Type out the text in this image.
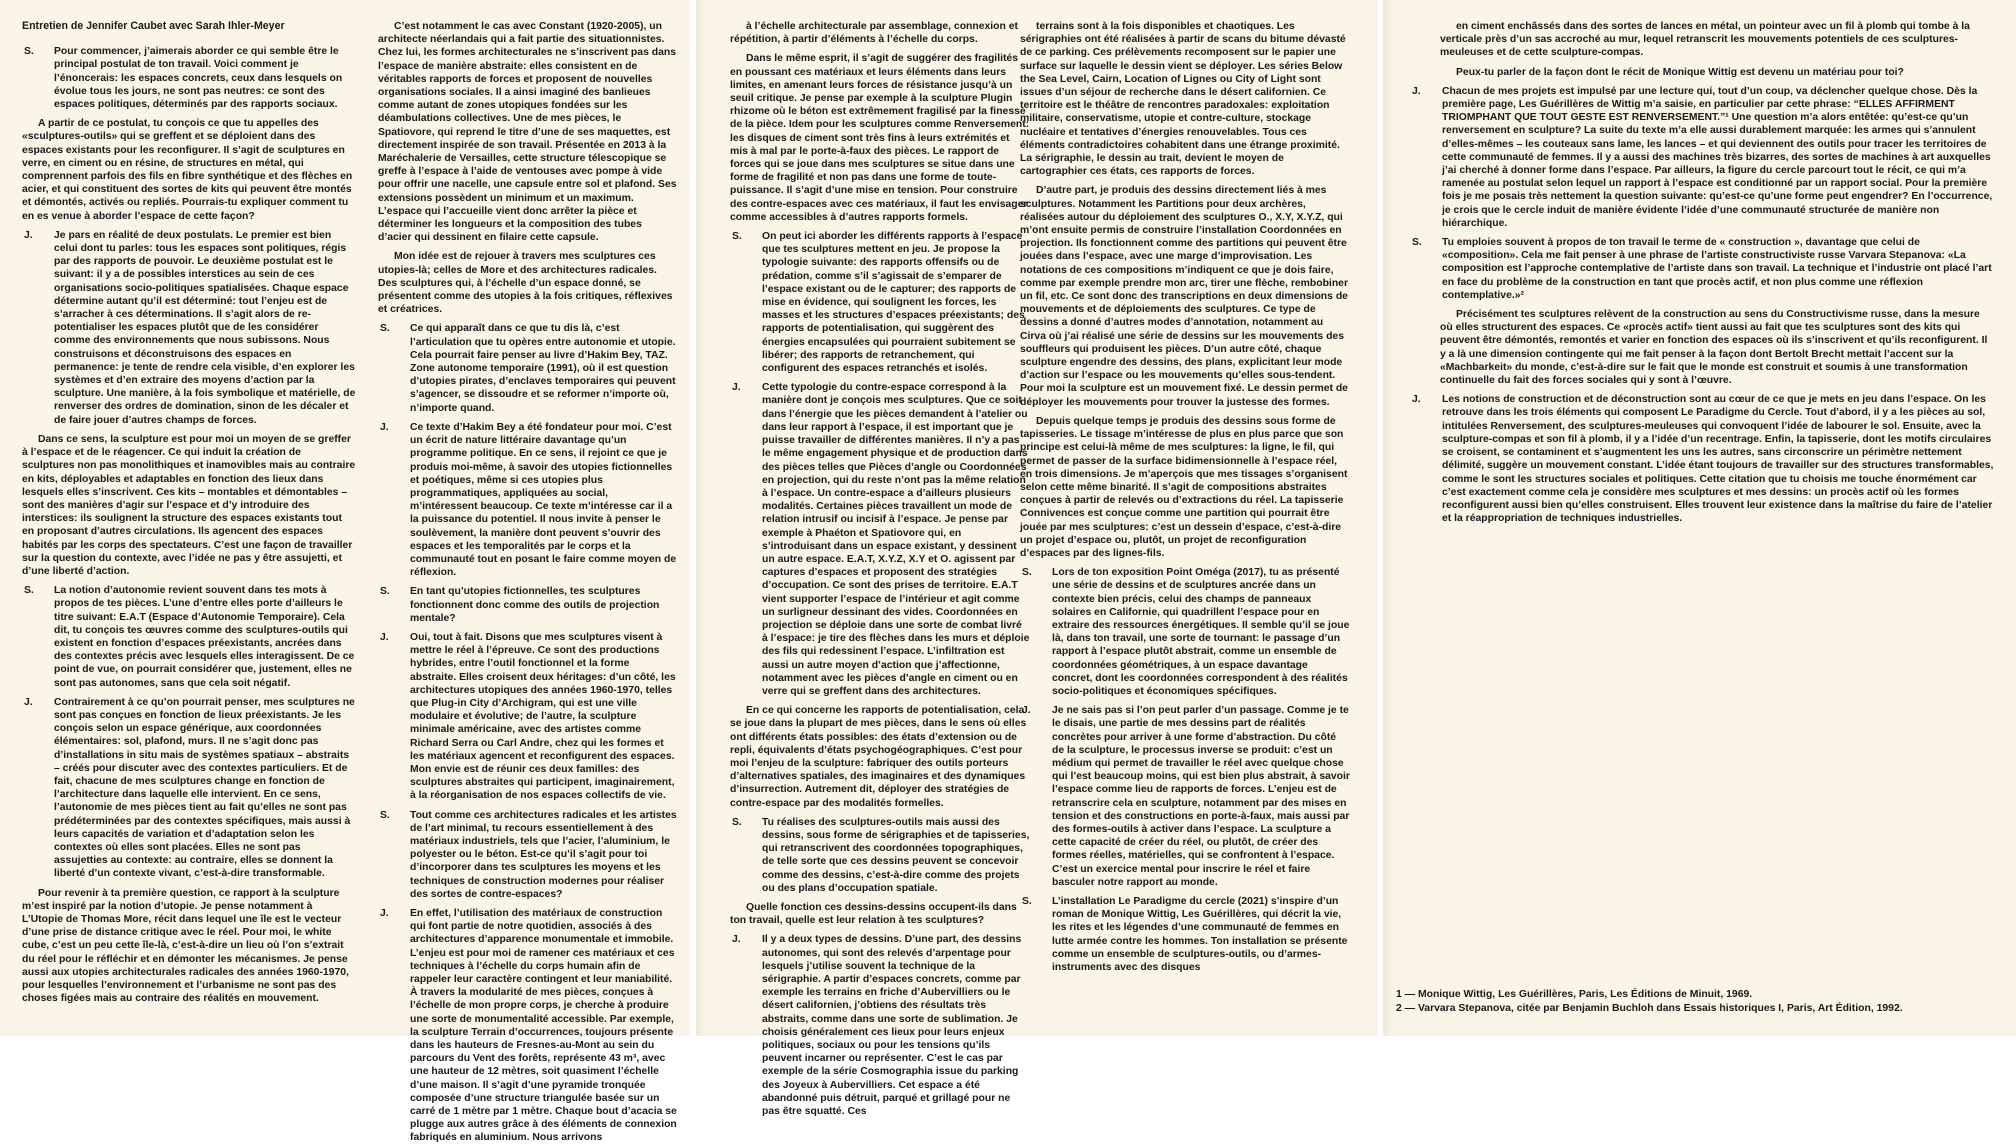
Entretien de Jennifer Caubet avec Sarah Ihler-Meyer
S.	Pour commencer, j’aimerais aborder ce qui semble être le principal postulat de ton travail. Voici comment je l’énoncerais: les espaces concrets, ceux dans lesquels on évolue tous les jours, ne sont pas neutres: ce sont des espaces politiques, déterminés par des rapports sociaux.

A partir de ce postulat, tu conçois ce que tu appelles des «sculptures-outils» qui se greffent et se déploient dans des espaces existants pour les reconfigurer. Il s’agit de sculptures en verre, en ciment ou en résine, de structures en métal, qui comprennent parfois des fils en fibre synthétique et des flèches en acier, et qui constituent des sortes de kits qui peuvent être montés et démontés, activés ou repliés. Pourrais-tu expliquer comment tu en es venue à aborder l’espace de cette façon?

J.	Je pars en réalité de deux postulats. Le premier est bien celui dont tu parles: tous les espaces sont politiques, régis par des rapports de pouvoir. Le deuxième postulat est le suivant: il y a de possibles interstices au sein de ces organisations socio-politiques spatialisées. Chaque espace détermine autant qu’il est déterminé: tout l’enjeu est de s’arracher à ces déterminations. Il s’agit alors de re-potentialiser les espaces plutôt que de les considérer comme des environnements que nous subissons. Nous construisons et déconstruisons des espaces en permanence: je tente de rendre cela visible, d’en explorer les systèmes et d’en extraire des moyens d’action par la sculpture. Une manière, à la fois symbolique et matérielle, de renverser des ordres de domination, sinon de les décaler et de faire jouer d’autres champs de forces.

Dans ce sens, la sculpture est pour moi un moyen de se greffer à l’espace et de le réagencer. Ce qui induit la création de sculptures non pas monolithiques et inamovibles mais au contraire en kits, déployables et adaptables en fonction des lieux dans lesquels elles s’inscrivent. Ces kits – montables et démontables – sont des manières d’agir sur l’espace et d’y introduire des interstices: ils soulignent la structure des espaces existants tout en proposant d’autres circulations. Ils agencent des espaces habités par les corps des spectateurs. C’est une façon de travailler sur la question du contexte, avec l’idée ne pas y être assujetti, et d’une liberté d’action.

S.	La notion d’autonomie revient souvent dans tes mots à propos de tes pièces. L’une d’entre elles porte d’ailleurs le titre suivant: E.A.T (Espace d’Autonomie Temporaire). Cela dit, tu conçois tes œuvres comme des sculptures-outils qui existent en fonction d’espaces préexistants, ancrées dans des contextes précis avec lesquels elles interagissent. De ce point de vue, on pourrait considérer que, justement, elles ne sont pas autonomes, sans que cela soit négatif.
J.	Contrairement à ce qu’on pourrait penser, mes sculptures ne sont pas conçues en fonction de lieux préexistants. Je les conçois selon un espace générique, aux coordonnées élémentaires: sol, plafond, murs. Il ne s’agit donc pas d’installations in situ mais de systèmes spatiaux – abstraits – créés pour discuter avec des contextes particuliers. Et de fait, chacune de mes sculptures change en fonction de l’architecture dans laquelle elle intervient. En ce sens, l’autonomie de mes pièces tient au fait qu’elles ne sont pas prédéterminées par des contextes spécifiques, mais aussi à leurs capacités de variation et d’adaptation selon les contextes où elles sont placées. Elles ne sont pas assujetties au contexte: au contraire, elles se donnent la liberté d’un contexte vivant, c’est-à-dire transformable.

Pour revenir à ta première question, ce rapport à la sculpture m’est inspiré par la notion d’utopie. Je pense notamment à L’Utopie de Thomas More, récit dans lequel une île est le vecteur d’une prise de distance critique avec le réel. Pour moi, le white cube, c’est un peu cette île-là, c’est-à-dire un lieu où l’on s’extrait du réel pour le réfléchir et en démonter les mécanismes. Je pense aussi aux utopies architecturales radicales des années 1960-1970, pour lesquelles l’environnement et l’urbanisme ne sont pas des choses figées mais au contraire des réalités en mouvement.

C’est notamment le cas avec Constant (1920-2005), un architecte néerlandais qui a fait partie des situationnistes. Chez lui, les formes architecturales ne s’inscrivent pas dans l’espace de manière abstraite: elles consistent en de véritables rapports de forces et proposent de nouvelles organisations sociales. Il a ainsi imaginé des banlieues comme autant de zones utopiques fondées sur les déambulations collectives. Une de mes pièces, le Spatiovore, qui reprend le titre d’une de ses maquettes, est directement inspirée de son travail. Présentée en 2013 à la Maréchalerie de Versailles, cette structure télescopique se greffe à l’espace à l’aide de ventouses avec pompe à vide pour offrir une nacelle, une capsule entre sol et plafond. Ses extensions possèdent un minimum et un maximum. L’espace qui l’accueille vient donc arrêter la pièce et déterminer les longueurs et la composition des tubes d’acier qui dessinent en filaire cette capsule.

Mon idée est de rejouer à travers mes sculptures ces utopies-là; celles de More et des architectures radicales. Des sculptures qui, à l’échelle d’un espace donné, se présentent comme des utopies à la fois critiques, réflexives et créatrices.

S.	Ce qui apparaît dans ce que tu dis là, c’est l’articulation que tu opères entre autonomie et utopie. Cela pourrait faire penser au livre d’Hakim Bey, TAZ. Zone autonome temporaire (1991), où il est question d’utopies pirates, d’enclaves temporaires qui peuvent s’agencer, se dissoudre et se reformer n’importe où, n’importe quand.
J.	Ce texte d’Hakim Bey a été fondateur pour moi. C’est un écrit de nature littéraire davantage qu’un programme politique. En ce sens, il rejoint ce que je produis moi-même, à savoir des utopies fictionnelles et poétiques, même si ces utopies plus programmatiques, appliquées au social, m’intéressent beaucoup. Ce texte m’intéresse car il a la puissance du potentiel. Il nous invite à penser le soulèvement, la manière dont peuvent s’ouvrir des espaces et les temporalités par le corps et la communauté tout en posant le faire comme moyen de réflexion.
S.	En tant qu’utopies fictionnelles, tes sculptures fonctionnent donc comme des outils de projection mentale?
J.	Oui, tout à fait. Disons que mes sculptures visent à mettre le réel à l’épreuve. Ce sont des productions hybrides, entre l’outil fonctionnel et la forme abstraite. Elles croisent deux héritages: d’un côté, les architectures utopiques des années 1960-1970, telles que Plug-in City d’Archigram, qui est une ville modulaire et évolutive; de l’autre, la sculpture minimale américaine, avec des artistes comme Richard Serra ou Carl Andre, chez qui les formes et les matériaux agencent et reconfigurent des espaces. Mon envie est de réunir ces deux familles: des sculptures abstraites qui participent, imaginairement, à la réorganisation de nos espaces collectifs de vie.
S.	Tout comme ces architectures radicales et les artistes de l’art minimal, tu recours essentiellement à des matériaux industriels, tels que l’acier, l’aluminium, le polyester ou le béton. Est-ce qu’il s’agit pour toi d’incorporer dans tes sculptures les moyens et les techniques de construction modernes pour réaliser des sortes de contre-espaces?
J.	En effet, l’utilisation des matériaux de construction qui font partie de notre quotidien, associés à des architectures d’apparence monumentale et immobile. L’enjeu est pour moi de ramener ces matériaux et ces techniques à l’échelle du corps humain afin de rappeler leur caractère contingent et leur maniabilité. À travers la modularité de mes pièces, conçues à l’échelle de mon propre corps, je cherche à produire une sorte de monumentalité accessible. Par exemple, la sculpture Terrain d’occurrences, toujours présente dans les hauteurs de Fresnes-au-Mont au sein du parcours du Vent des forêts, représente 43 m³, avec une hauteur de 12 mètres, soit quasiment l’échelle d’une maison. Il s’agit d’une pyramide tronquée composée d’une structure triangulée basée sur un carré de 1 mètre par 1 mètre. Chaque bout d’acacia se plugge aux autres grâce à des éléments de connexion fabriqués en aluminium. Nous arrivons

à l’échelle architecturale par assemblage, connexion et répétition, à partir d’éléments à l’échelle du corps.

Dans le même esprit, il s’agit de suggérer des fragilités en poussant ces matériaux et leurs éléments dans leurs limites, en amenant leurs forces de résistance jusqu’à un seuil critique. Je pense par exemple à la sculpture Plugin rhizome où le béton est extrêmement fragilisé par la finesse de la pièce. Idem pour les sculptures comme Renversement: les disques de ciment sont très fins à leurs extrémités et mis à mal par le porte-à-faux des pièces. Le rapport de forces qui se joue dans mes sculptures se situe dans une forme de fragilité et non pas dans une forme de toute-puissance. Il s’agit d’une mise en tension. Pour construire des contre-espaces avec ces matériaux, il faut les envisager comme accessibles à d’autres rapports formels.

S.	On peut ici aborder les différents rapports à l’espace que tes sculptures mettent en jeu. Je propose la typologie suivante: des rapports offensifs ou de prédation, comme s’il s’agissait de s’emparer de l’espace existant ou de le capturer; des rapports de mise en évidence, qui soulignent les forces, les masses et les structures d’espaces préexistants; des rapports de potentialisation, qui suggèrent des énergies encapsulées qui pourraient subitement se libérer; des rapports de retranchement, qui configurent des espaces retranchés et isolés.
J.	Cette typologie du contre-espace correspond à la manière dont je conçois mes sculptures. Que ce soit dans l’énergie que les pièces demandent à l’atelier ou dans leur rapport à l’espace, il est important que je puisse travailler de différentes manières. Il n’y a pas le même engagement physique et de production dans des pièces telles que Pièces d’angle ou Coordonnées en projection, qui du reste n’ont pas la même relation à l’espace. Un contre-espace a d’ailleurs plusieurs modalités. Certaines pièces travaillent un mode de relation intrusif ou incisif à l’espace. Je pense par exemple à Phaéton et Spatiovore qui, en s’introduisant dans un espace existant, y dessinent un autre espace. E.A.T, X.Y.Z, X.Y et O. agissent par captures d’espaces et proposent des stratégies d’occupation. Ce sont des prises de territoire. E.A.T vient supporter l’espace de l’intérieur et agit comme un surligneur dessinant des vides. Coordonnées en projection se déploie dans une sorte de combat livré à l’espace: je tire des flèches dans les murs et déploie des fils qui redessinent l’espace. L’infiltration est aussi un autre moyen d’action que j’affectionne, notamment avec les pièces d’angle en ciment ou en verre qui se greffent dans des architectures.

En ce qui concerne les rapports de potentialisation, cela se joue dans la plupart de mes pièces, dans le sens où elles ont différents états possibles: des états d’extension ou de repli, équivalents d’états psychogéographiques. C’est pour moi l’enjeu de la sculpture: fabriquer des outils porteurs d’alternatives spatiales, des imaginaires et des dynamiques d’insurrection. Autrement dit, déployer des stratégies de contre-espace par des modalités formelles.

S.	Tu réalises des sculptures-outils mais aussi des dessins, sous forme de sérigraphies et de tapisseries, qui retranscrivent des coordonnées topographiques, de telle sorte que ces dessins peuvent se concevoir comme des dessins, c’est-à-dire comme des projets ou des plans d’occupation spatiale.

Quelle fonction ces dessins-dessins occupent-ils dans ton travail, quelle est leur relation à tes sculptures?

J.	Il y a deux types de dessins. D’une part, des dessins autonomes, qui sont des relevés d’arpentage pour lesquels j’utilise souvent la technique de la sérigraphie. A partir d’espaces concrets, comme par exemple les terrains en friche d’Aubervilliers ou le désert californien, j’obtiens des résultats très abstraits, comme dans une sorte de sublimation. Je choisis généralement ces lieux pour leurs enjeux politiques, sociaux ou pour les tensions qu’ils peuvent incarner ou représenter. C’est le cas par exemple de la série Cosmographia issue du parking des Joyeux à Aubervilliers. Cet espace a été abandonné puis détruit, parqué et grillagé pour ne pas être squatté. Ces

terrains sont à la fois disponibles et chaotiques. Les sérigraphies ont été réalisées à partir de scans du bitume dévasté de ce parking. Ces prélèvements recomposent sur le papier une surface sur laquelle le dessin vient se déployer. Les séries Below the Sea Level, Cairn, Location of Lignes ou City of Light sont issues d’un séjour de recherche dans le désert californien. Ce territoire est le théâtre de rencontres paradoxales: exploitation militaire, conservatisme, utopie et contre-culture, stockage nucléaire et tentatives d’énergies renouvelables. Tous ces éléments contradictoires cohabitent dans une étrange proximité. La sérigraphie, le dessin au trait, devient le moyen de cartographier ces états, ces rapports de forces.

D’autre part, je produis des dessins directement liés à mes sculptures. Notamment les Partitions pour deux archères, réalisées autour du déploiement des sculptures O., X.Y, X.Y.Z, qui m’ont ensuite permis de construire l’installation Coordonnées en projection. Ils fonctionnent comme des partitions qui peuvent être jouées dans l’espace, avec une marge d’improvisation. Les notations de ces compositions m’indiquent ce que je dois faire, comme par exemple prendre mon arc, tirer une flèche, rembobiner un fil, etc. Ce sont donc des transcriptions en deux dimensions de mouvements et de déploiements des sculptures. Ce type de dessins a donné d’autres modes d’annotation, notamment au Cirva où j’ai réalisé une série de dessins sur les mouvements des souffleurs qui produisent les pièces. D’un autre côté, chaque sculpture engendre des dessins, des plans, explicitant leur mode d’action sur l’espace ou les mouvements qu’elles sous-tendent. Pour moi la sculpture est un mouvement fixé. Le dessin permet de déployer les mouvements pour trouver la justesse des formes.

Depuis quelque temps je produis des dessins sous forme de tapisseries. Le tissage m’intéresse de plus en plus parce que son principe est celui-là même de mes sculptures: la ligne, le fil, qui permet de passer de la surface bidimensionnelle à l’espace réel, en trois dimensions. Je m’aperçois que mes tissages s’organisent selon cette même binarité. Il s’agit de compositions abstraites conçues à partir de relevés ou d’extractions du réel. La tapisserie Connivences est conçue comme une partition qui pourrait être jouée par mes sculptures: c’est un dessein d’espace, c’est-à-dire un projet d’espace ou, plutôt, un projet de reconfiguration d’espaces par des lignes-fils.

S.	Lors de ton exposition Point Oméga (2017), tu as présenté une série de dessins et de sculptures ancrée dans un contexte bien précis, celui des champs de panneaux solaires en Californie, qui quadrillent l’espace pour en extraire des ressources énergétiques. Il semble qu’il se joue là, dans ton travail, une sorte de tournant: le passage d’un rapport à l’espace plutôt abstrait, comme un ensemble de coordonnées géométriques, à un espace davantage concret, dont les coordonnées correspondent à des réalités socio-politiques et économiques spécifiques.
J.	Je ne sais pas si l’on peut parler d’un passage. Comme je te le disais, une partie de mes dessins part de réalités concrètes pour arriver à une forme d’abstraction. Du côté de la sculpture, le processus inverse se produit: c’est un médium qui permet de travailler le réel avec quelque chose qui l’est beaucoup moins, qui est bien plus abstrait, à savoir l’espace comme lieu de rapports de forces. L’enjeu est de retranscrire cela en sculpture, notamment par des mises en tension et des constructions en porte-à-faux, mais aussi par des formes-outils à activer dans l’espace. La sculpture a cette capacité de créer du réel, ou plutôt, de créer des formes réelles, matérielles, qui se confrontent à l’espace. C’est un exercice mental pour inscrire le réel et faire basculer notre rapport au monde.
S.	L’installation Le Paradigme du cercle (2021) s’inspire d’un roman de Monique Wittig, Les Guérillères, qui décrit la vie, les rites et les légendes d’une communauté de femmes en lutte armée contre les hommes. Ton installation se présente comme un ensemble de sculptures-outils, ou d’armes-instruments avec des disques

en ciment enchâssés dans des sortes de lances en métal, un pointeur avec un fil à plomb qui tombe à la verticale près d’un sas accroché au mur, lequel retranscrit les mouvements potentiels de ces sculptures-meuleuses et de cette sculpture-compas.

Peux-tu parler de la façon dont le récit de Monique Wittig est devenu un matériau pour toi?

J.	Chacun de mes projets est impulsé par une lecture qui, tout d’un coup, va déclencher quelque chose. Dès la première page, Les Guérillères de Wittig m’a saisie, en particulier par cette phrase: “ELLES AFFIRMENT TRIOMPHANT QUE TOUT GESTE EST RENVERSEMENT.”¹ Une question m’a alors entêtée: qu’est-ce qu’un renversement en sculpture? La suite du texte m’a elle aussi durablement marquée: les armes qui s’annulent d’elles-mêmes – les couteaux sans lame, les lances – et qui deviennent des outils pour tracer les territoires de cette communauté de femmes. Il y a aussi des machines très bizarres, des sortes de machines à art auxquelles j’ai cherché à donner forme dans l’espace. Par ailleurs, la figure du cercle parcourt tout le récit, ce qui m’a ramenée au postulat selon lequel un rapport à l’espace est conditionné par un rapport social. Pour la première fois je me posais très nettement la question suivante: qu’est-ce qu’une forme peut engendrer? En l’occurrence, je crois que le cercle induit de manière évidente l’idée d’une communauté structurée de manière non hiérarchique.
S.	Tu emploies souvent à propos de ton travail le terme de « construction », davantage que celui de «composition». Cela me fait penser à une phrase de l’artiste constructiviste russe Varvara Stepanova: «La composition est l’approche contemplative de l’artiste dans son travail. La technique et l’industrie ont placé l’art en face du problème de la construction en tant que procès actif, et non plus comme une réflexion contemplative.»²

Précisément tes sculptures relèvent de la construction au sens du Constructivisme russe, dans la mesure où elles structurent des espaces. Ce «procès actif» tient aussi au fait que tes sculptures sont des kits qui peuvent être démontés, remontés et varier en fonction des espaces où ils s’inscrivent et qu’ils reconfigurent. Il y a là une dimension contingente qui me fait penser à la façon dont Bertolt Brecht mettait l’accent sur la «Machbarkeit» du monde, c’est-à-dire sur le fait que le monde est construit et soumis à une transformation continuelle du fait des forces sociales qui y sont à l’œuvre.

J.	Les notions de construction et de déconstruction sont au cœur de ce que je mets en jeu dans l’espace. On les retrouve dans les trois éléments qui composent Le Paradigme du Cercle. Tout d’abord, il y a les pièces au sol, intitulées Renversement, des sculptures-meuleuses qui convoquent l’idée de labourer le sol. Ensuite, avec la sculpture-compas et son fil à plomb, il y a l’idée d’un recentrage. Enfin, la tapisserie, dont les motifs circulaires se croisent, se contaminent et s’augmentent les uns les autres, sans circonscrire un périmètre nettement délimité, suggère un mouvement constant. L’idée étant toujours de travailler sur des structures transformables, comme le sont les structures sociales et politiques. Cette citation que tu choisis me touche énormément car c’est exactement comme cela je considère mes sculptures et mes dessins: un procès actif où les formes reconfigurent aussi bien qu’elles construisent. Elles trouvent leur existence dans la maîtrise du faire de l’atelier et la réappropriation de techniques industrielles.
1 — Monique Wittig, Les Guérillères, Paris, Les Éditions de Minuit, 1969.
2 — Varvara Stepanova, citée par Benjamin Buchloh dans Essais historiques I, Paris, Art Édition, 1992.
